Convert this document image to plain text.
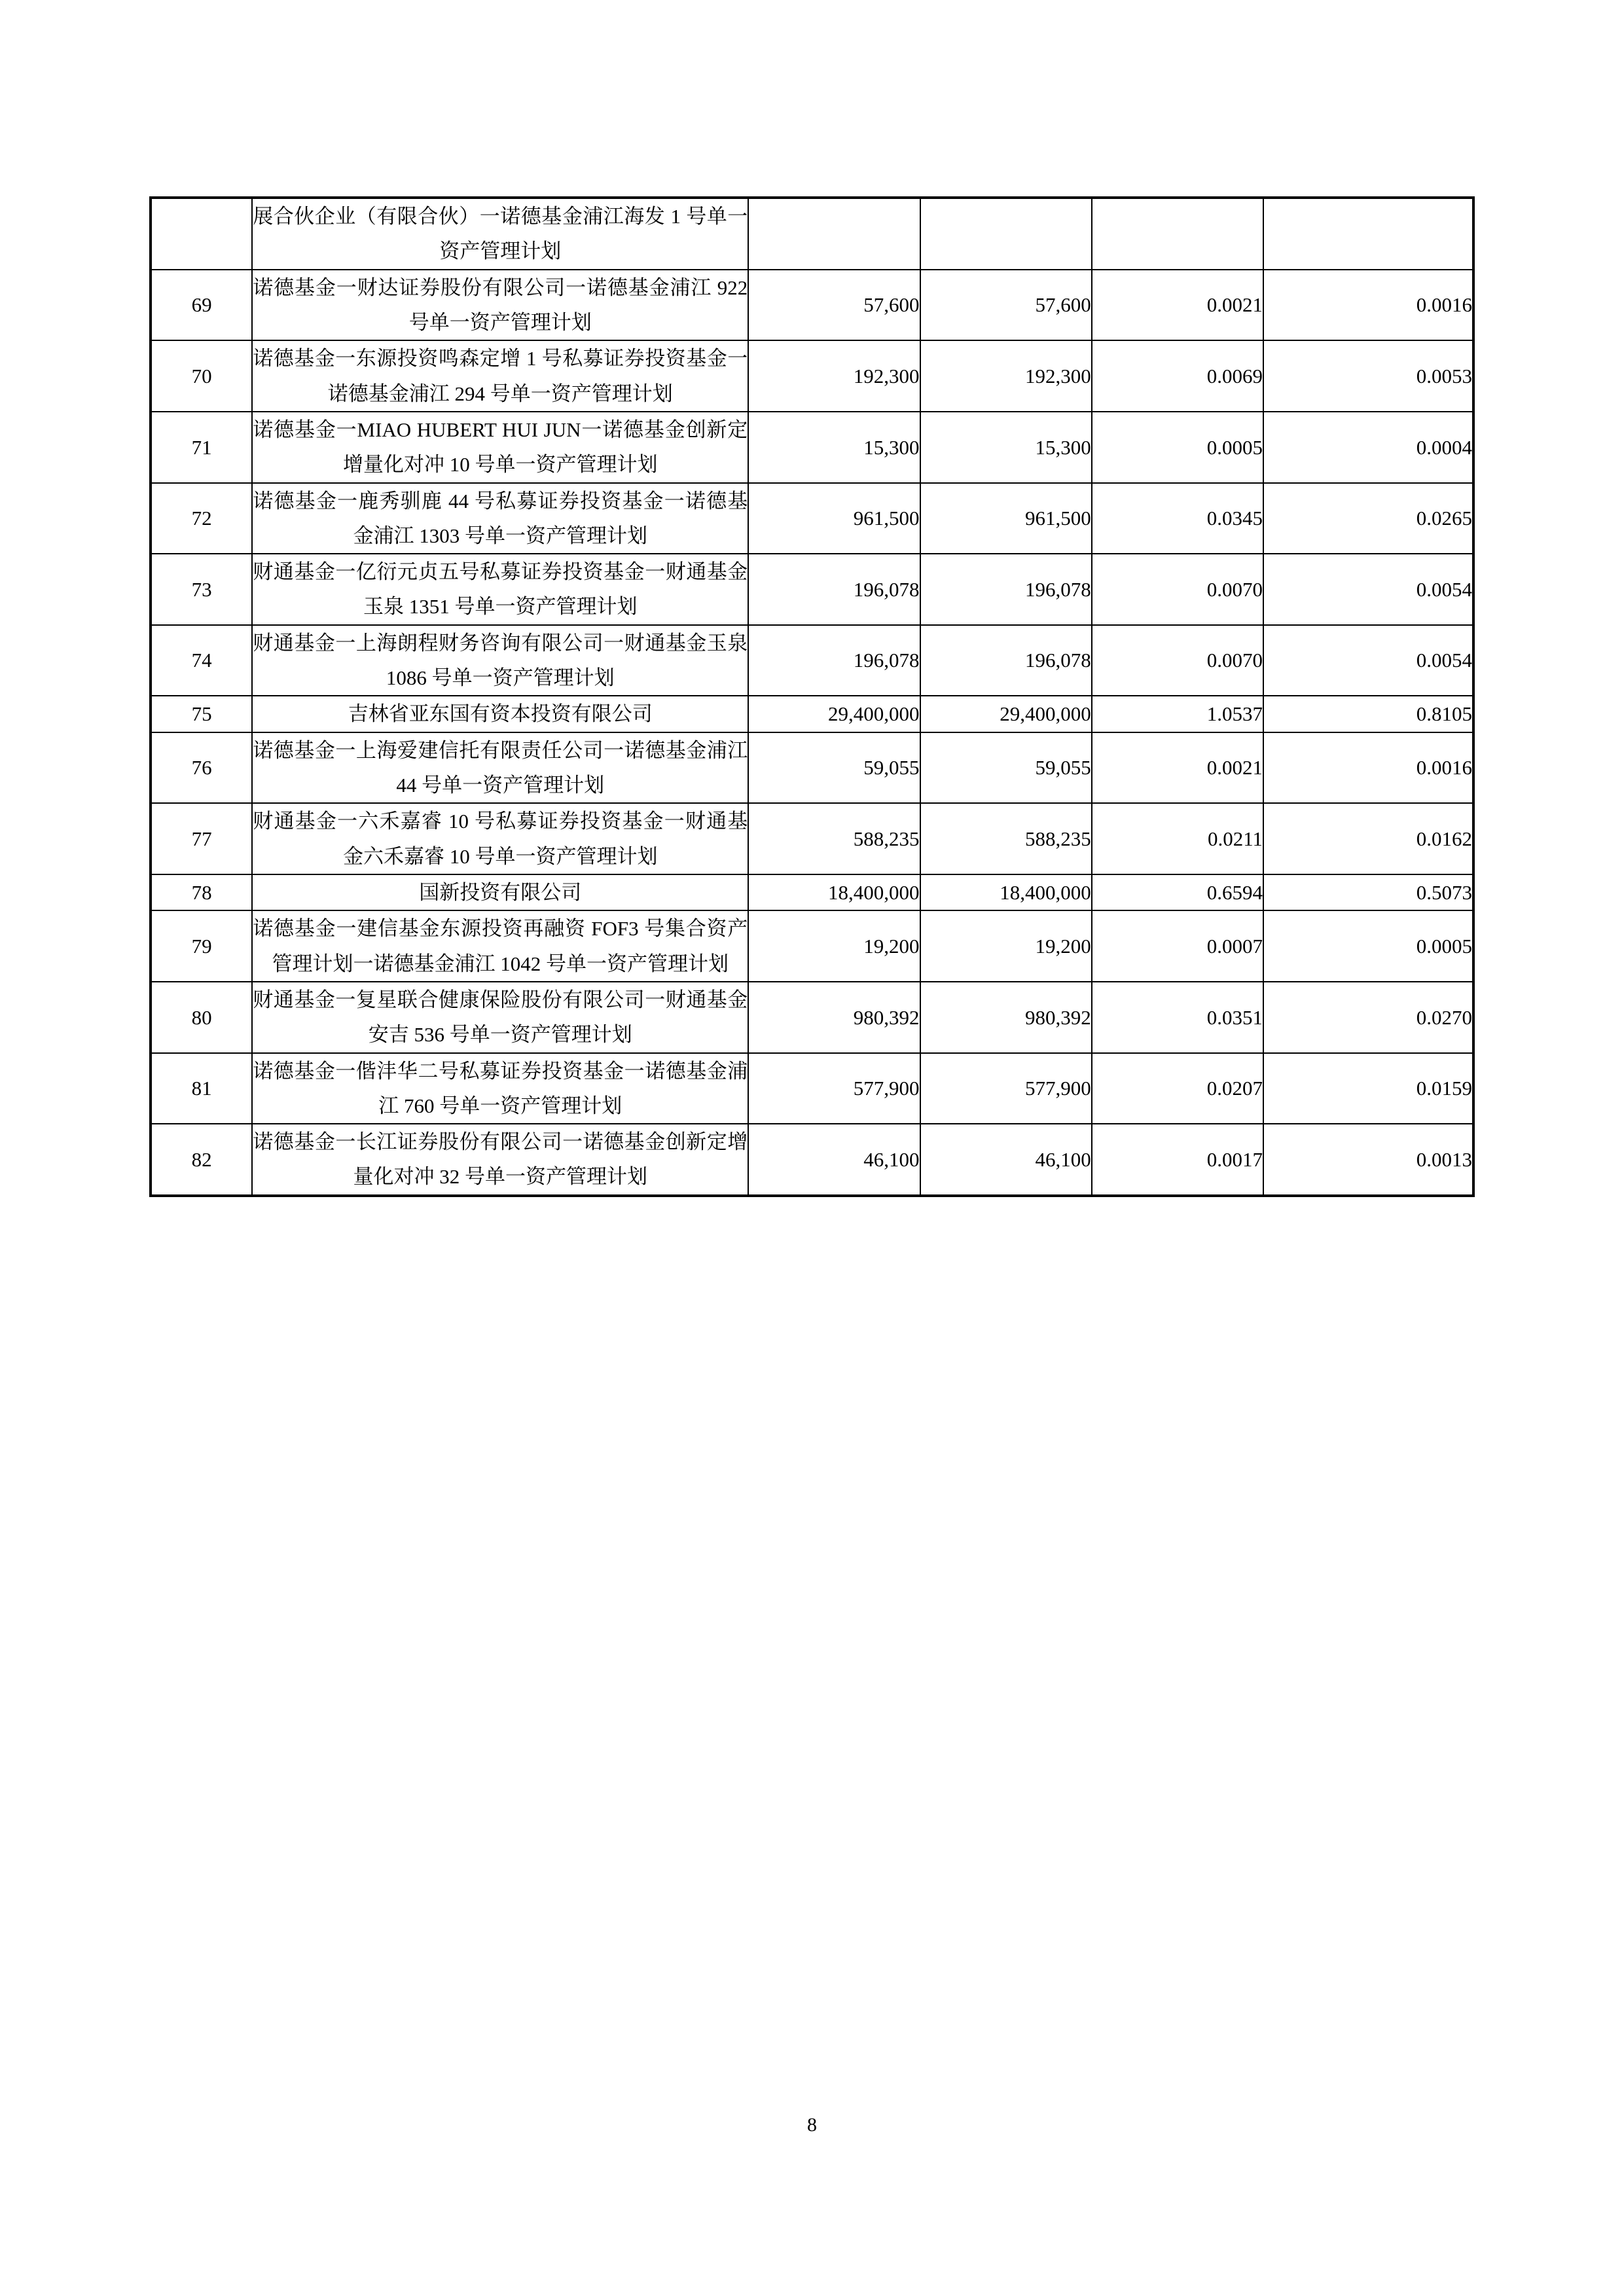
	展合伙企业（有限合伙）一诺德基金浦江海发 1 号单一资产管理计划				
69	诺德基金一财达证券股份有限公司一诺德基金浦江 922 号单一资产管理计划	57,600	57,600	0.0021	0.0016
70	诺德基金一东源投资鸣森定增 1 号私募证券投资基金一诺德基金浦江 294 号单一资产管理计划	192,300	192,300	0.0069	0.0053
71	诺德基金一MIAO HUBERT HUI JUN一诺德基金创新定增量化对冲 10 号单一资产管理计划	15,300	15,300	0.0005	0.0004
72	诺德基金一鹿秀驯鹿 44 号私募证券投资基金一诺德基金浦江 1303 号单一资产管理计划	961,500	961,500	0.0345	0.0265
73	财通基金一亿衍元贞五号私募证券投资基金一财通基金玉泉 1351 号单一资产管理计划	196,078	196,078	0.0070	0.0054
74	财通基金一上海朗程财务咨询有限公司一财通基金玉泉 1086 号单一资产管理计划	196,078	196,078	0.0070	0.0054
75	吉林省亚东国有资本投资有限公司	29,400,000	29,400,000	1.0537	0.8105
76	诺德基金一上海爱建信托有限责任公司一诺德基金浦江 44 号单一资产管理计划	59,055	59,055	0.0021	0.0016
77	财通基金一六禾嘉睿 10 号私募证券投资基金一财通基金六禾嘉睿 10 号单一资产管理计划	588,235	588,235	0.0211	0.0162
78	国新投资有限公司	18,400,000	18,400,000	0.6594	0.5073
79	诺德基金一建信基金东源投资再融资 FOF3 号集合资产管理计划一诺德基金浦江 1042 号单一资产管理计划	19,200	19,200	0.0007	0.0005
80	财通基金一复星联合健康保险股份有限公司一财通基金安吉 536 号单一资产管理计划	980,392	980,392	0.0351	0.0270
81	诺德基金一偕沣华二号私募证券投资基金一诺德基金浦江 760 号单一资产管理计划	577,900	577,900	0.0207	0.0159
82	诺德基金一长江证券股份有限公司一诺德基金创新定增量化对冲 32 号单一资产管理计划	46,100	46,100	0.0017	0.0013
8
